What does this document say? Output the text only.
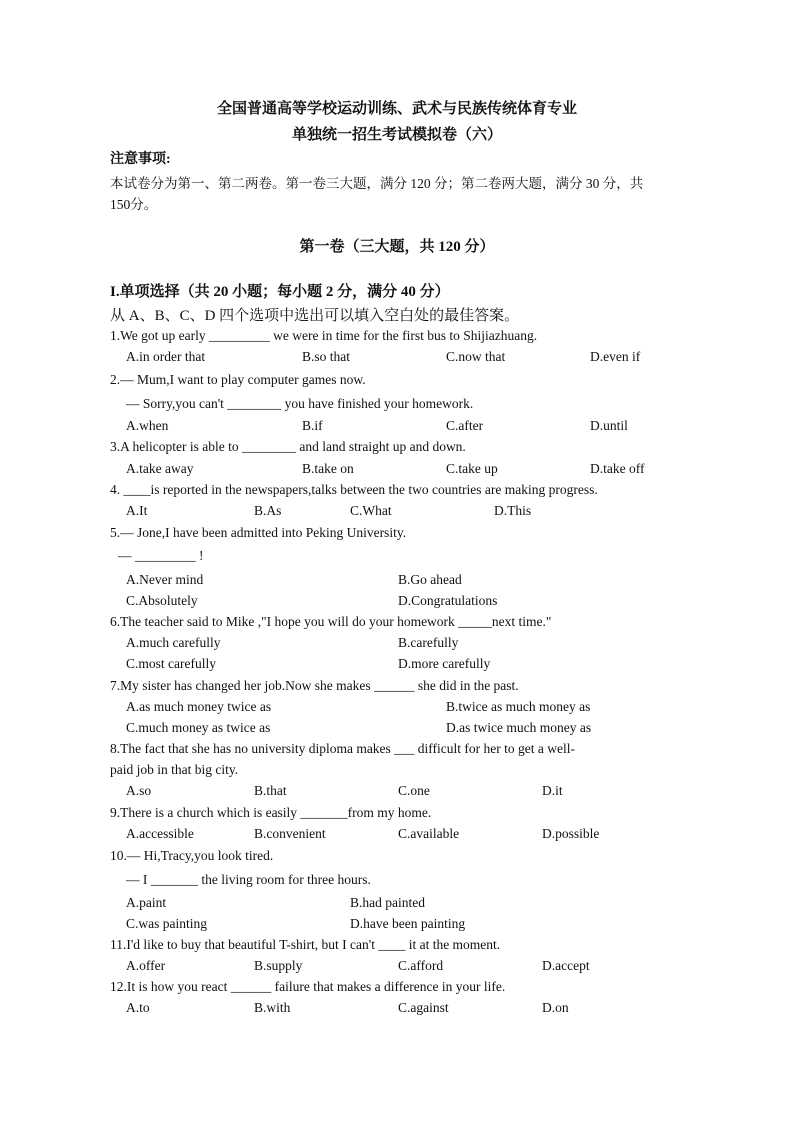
全国普通高等学校运动训练、武术与民族传统体育专业
单独统一招生考试模拟卷（六）
注意事项:
本试卷分为第一、第二两卷。第一卷三大题，满分 120 分；第二卷两大题，满分 30 分，共
150分。
第一卷（三大题，共 120 分）
I.单项选择（共 20 小题；每小题 2 分，满分 40 分）
从 A、B、C、D 四个选项中选出可以填入空白处的最佳答案。
1.We got up early _________ we were in time for the first bus to Shijiazhuang.
A.in order that	B.so that	C.now that	D.even if
2.— Mum,I want to play computer games now.
— Sorry,you can't ________ you have finished your homework.
A.when	B.if	C.after	D.until
3.A helicopter is able to ________ and land straight up and down.
A.take away	B.take on	C.take up	D.take off
4. ____is reported in the newspapers,talks between the two countries are making progress.
A.It	B.As	C.What	D.This
5.— Jone,I have been admitted into Peking University.
— _________ !
A.Never mind	B.Go ahead
C.Absolutely	D.Congratulations
6.The teacher said to Mike ,"I hope you will do your homework _____next time."
A.much carefully	B.carefully
C.most carefully	D.more carefully
7.My sister has changed her job.Now she makes ______ she did in the past.
A.as much money twice as	B.twice as much money as
C.much money as twice as	D.as twice much money as
8.The fact that she has no university diploma makes ___ difficult for her to get a well-
paid job in that big city.
A.so	B.that	C.one	D.it
9.There is a church which is easily _______from my home.
A.accessible	B.convenient	C.available	D.possible
10.— Hi,Tracy,you look tired.
— I _______ the living room for three hours.
A.paint	B.had painted
C.was painting	D.have been painting
11.I'd like to buy that beautiful T-shirt, but I can't ____ it at the moment.
A.offer	B.supply	C.afford	D.accept
12.It is how you react ______ failure that makes a difference in your life.
A.to	B.with	C.against	D.on
